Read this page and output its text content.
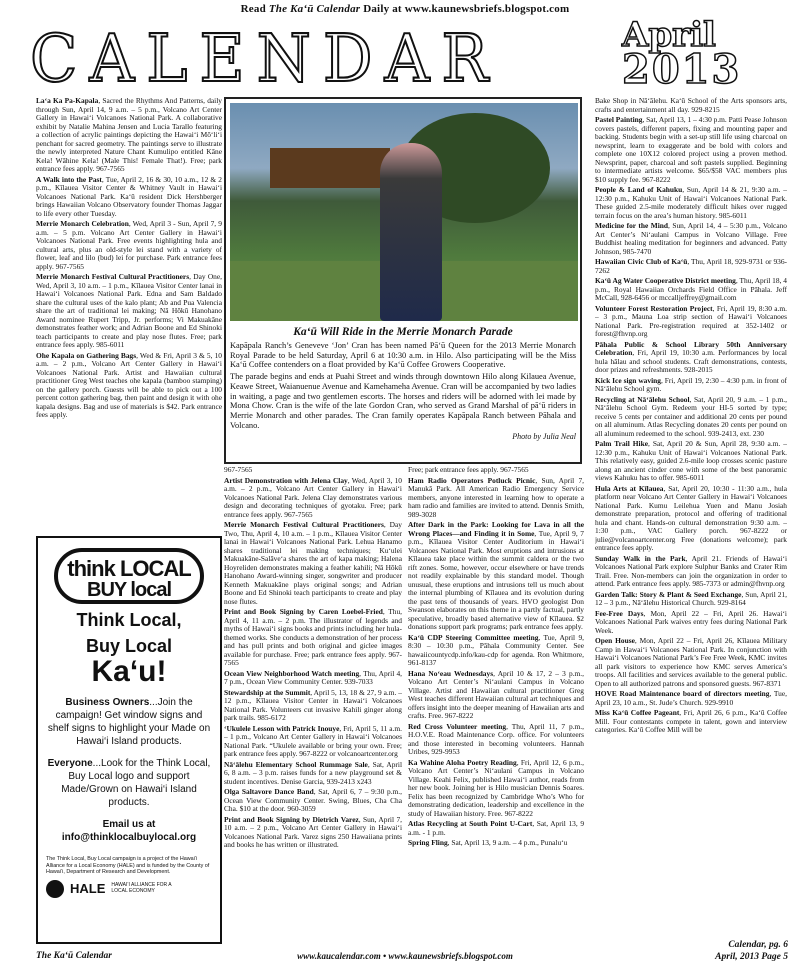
Read The Ka‘ū Calendar Daily at www.kaunewsbriefs.blogspot.com
CALENDAR	April
2013

La‘a Ka Pa-Kapala, Sacred the Rhythms And Patterns, daily through Sun, April 14, 9 a.m. – 5 p.m., Volcano Art Center Gallery in Hawai‘i Volcanoes National Park. A collaborative exhibit by Natalie Mahina Jensen and Lucia Tarallo featuring a collection of acrylic paintings depicting the Hawai‘i Mōʻli‘i penchant for sacred geometry. The paintings serve to illustrate the newly interpreted Nature Chant Kumulipo entitled Kāne Kela! Wāhine Kela! (Male This! Female That!). Free; park entrance fees apply. 967-7565

A Walk into the Past, Tue, April 2, 16 & 30, 10 a.m., 12 & 2 p.m., Kīlauea Visitor Center & Whitney Vault in Hawai‘i Volcanoes National Park. Ka‘ū resident Dick Hershberger brings Hawaiian Volcano Observatory founder Thomas Jaggar to life every other Tuesday.

Merrie Monarch Celebration, Wed, April 3 - Sun, April 7, 9 a.m. – 5 p.m. Volcano Art Center Gallery in Hawai‘i Volcanoes National Park. Free events highlighting hula and cultural arts, plus an old-style lei stand with a variety of flower, leaf and lilo (bud) lei for purchase. Park entrance fees apply. 967-7565

Merrie Monarch Festival Cultural Practitioners, Day One, Wed, April 3, 10 a.m. – 1 p.m., Kīlauea Visitor Center lanai in Hawai‘i Volcanoes National Park. Edna and Sam Baldado share the cultural uses of the kalo plant; Ab and Pua Valencia share the art of traditional lei making; Nā Hōkū Hanohano Award nominee Rupert Tripp, Jr. performs; Vi Makuakāne demonstrates feather work; and Adrian Boone and Ed Shinoki teach participants to create and play nose flutes. Free; park entrance fees apply. 985-6011

Ohe Kapala on Gathering Bags, Wed & Fri, April 3 & 5, 10 a.m. – 2 p.m., Volcano Art Center Gallery in Hawai‘i Volcanoes National Park. Artist and Hawaiian cultural practitioner Greg West teaches ohe kapala (bamboo stamping) on the gallery porch. Guests will be able to pick out a 100 percent cotton gathering bag, then paint and design it with ohe kapala designs. Bag and use of materials is $42. Park entrance fees apply.

Ka‘ū Will Ride in the Merrie Monarch Parade

Kapāpala Ranch’s Geneveve ‘Jon’ Cran has been named Pā‘ū Queen for the 2013 Merrie Monarch Royal Parade to be held Saturday, April 6 at 10:30 a.m. in Hilo. Also participating will be the Miss Ka‘ū Coffee contenders on a float provided by Ka‘ū Coffee Growers Cooperative.

The parade begins and ends at Puahi Street and winds through downtown Hilo along Kilauea Avenue, Keawe Street, Waianuenue Avenue and Kamehameha Avenue. Cran will be accompanied by two ladies in waiting, a page and two gentlemen escorts. The horses and riders will be adorned with lei made by Mona Chow. Cran is the wife of the late Gordon Cran, who served as Grand Marshal of pā‘ū riders in Merrie Monarch and other parades. The Cran family operates Kapāpala Ranch between Pāhala and Volcano.

Photo by Julia Neal
think LOCAL
BUY local
Think Local,
Buy Local
Ka‘u!
Business Owners...Join the campaign! Get window signs and shelf signs to highlight your Made on Hawai‘i Island products.
Everyone...Look for the Think Local, Buy Local logo and support Made/Grown on Hawai‘i Island products.
Email us at
info@thinklocalbuylocal.org
The Think Local, Buy Local campaign is a project of the Hawai‘i Alliance for a Local Economy (HALE) and is funded by the County of Hawai‘i, Department of Research and Development.
HALE HAWAI‘I ALLIANCE FOR A LOCAL ECONOMY

967-7565

Artist Demonstration with Jelena Clay, Wed, April 3, 10 a.m. – 2 p.m., Volcano Art Center Gallery in Hawai‘i Volcanoes National Park. Jelena Clay demonstrates various design and decorating techniques of gyotaku. Free; park entrance fees apply. 967-7565

Merrie Monarch Festival Cultural Practitioners, Day Two, Thu, April 4, 10 a.m. – 1 p.m., Kīlauea Visitor Center lanai in Hawai‘i Volcanoes National Park. Lehua Hanamo shares traditional lei making techniques; Ku‘ulei Makuakāne-Salāve‘a shares the art of kapa making; Halena Hoyreliden demonstrates making a feather kahili; Nā Hōkū Hanohano Award-winning singer, songwriter and producer Kenneth Makuakāne plays original songs; and Adrian Boone and Ed Shinoki teach participants to create and play nose flutes.

Print and Book Signing by Caren Loebel-Fried, Thu, April 4, 11 a.m. – 2 p.m. The illustrator of legends and myths of Hawai‘i signs books and prints including her hula-themed works. She conducts a demonstration of her process and has pull prints and both original and giclee images available for purchase. Free; park entrance fees apply. 967-7565

Ocean View Neighborhood Watch meeting, Thu, April 4, 7 p.m., Ocean View Community Center. 939-7033

Stewardship at the Summit, April 5, 13, 18 & 27, 9 a.m. – 12 p.m., Kīlauea Visitor Center in Hawai‘i Volcanoes National Park. Volunteers cut invasive Kahili ginger along park trails. 985-6172

‘Ukulele Lesson with Patrick Inouye, Fri, April 5, 11 a.m. – 1 p.m., Volcano Art Center Gallery in Hawai‘i Volcanoes National Park. “Ukulele available or bring your own. Free; park entrance fees apply. 967-8222 or volcanoartcenter.org

Nā‘ālehu Elementary School Rummage Sale, Sat, April 6, 8 a.m. – 3 p.m. raises funds for a new playground set & student incentives. Denise Garcia, 939-2413 x243

Olga Saltavore Dance Band, Sat, April 6, 7 – 9:30 p.m., Ocean View Community Center. Swing, Blues, Cha Cha Cha. $10 at the door. 960-3059

Print and Book Signing by Dietrich Varez, Sun, April 7, 10 a.m. – 2 p.m., Volcano Art Center Gallery in Hawai‘i Volcanoes National Park. Varez signs 250 Hawaiiana prints and books he has written or illustrated.

Free; park entrance fees apply. 967-7565

Ham Radio Operators Potluck Picnic, Sun, April 7, Manukā Park. All American Radio Emergency Service members, anyone interested in learning how to operate a ham radio and families are invited to attend. Dennis Smith, 989-3028

After Dark in the Park: Looking for Lava in all the Wrong Places—and Finding it in Some, Tue, April 9, 7 p.m., Kīlauea Visitor Center Auditorium in Hawai‘i Volcanoes National Park. Most eruptions and intrusions at Kīlauea take place within the summit caldera or the two rift zones. Some, however, occur elsewhere or have trends not readily explainable by this standard model. Though unusual, these eruptions and intrusions tell us much about the internal plumbing of Kīlauea and its evolution during the past tens of thousands of years. HVO geologist Don Swanson elaborates on this theme in a partly factual, partly speculative, broadly based alternative view of Kīlauea. $2 donations support park programs; park entrance fees apply.

Ka‘ū CDP Steering Committee meeting, Tue, April 9, 8:30 – 10:30 p.m., Pāhala Community Center. See hawaiicountycdp.info/kau-cdp for agenda. Ron Whitmore, 961-8137

Hana No‘eau Wednesdays, April 10 & 17, 2 – 3 p.m., Volcano Art Center’s Ni‘aulani Campus in Volcano Village. Artist and Hawaiian cultural practitioner Greg West teaches different Hawaiian cultural art techniques and offers insight into the deeper meaning of Hawaiian arts and crafts. Free. 967-8222

Red Cross Volunteer meeting, Thu, April 11, 7 p.m., H.O.V.E. Road Maintenance Corp. office. For volunteers and those interested in becoming volunteers. Hannah Uribes, 929-9953

Ka Wahine Aloha Poetry Reading, Fri, April 12, 6 p.m., Volcano Art Center’s Ni‘aulani Campus in Volcano Village. Keahi Felix, published Hawai‘i author, reads from her new book. Joining her is Hilo musician Dennis Soares. Felix has been recognized by Cambridge Who’s Who for demonstrating dedication, leadership and excellence in the study of Hawaiian history. Free. 967-8222

Atlas Recycling at South Point U-Cart, Sat, April 13, 9 a.m. - 1 p.m.

Spring Fling, Sat, April 13, 9 a.m. – 4 p.m., Punalu‘u

Bake Shop in Nā‘ālehu. Ka‘ū School of the Arts sponsors arts, crafts and entertainment all day. 929-8215

Pastel Painting, Sat, April 13, 1 – 4:30 p.m. Patti Pease Johnson covers pastels, different papers, fixing and mounting paper and backing. Students begin with a set-up still life using charcoal on newsprint, learn to exaggerate and be bold with colors and complete one 10X12 colored project using a proven method. Newsprint, paper, charcoal and soft pastels supplied. Beginning to intermediate artists welcome. $65/$58 VAC members plus $10 supply fee. 967-8222

People & Land of Kahuku, Sun, April 14 & 21, 9:30 a.m. – 12:30 p.m., Kahuku Unit of Hawai‘i Volcanoes National Park. These guided 2.5-mile moderately difficult hikes over rugged terrain focus on the area’s human history. 985-6011

Medicine for the Mind, Sun, April 14, 4 – 5:30 p.m., Volcano Art Center’s Ni‘aulani Campus in Volcano Village. Free Buddhist healing meditation for beginners and advanced. Patty Johnson, 985-7470

Hawaiian Civic Club of Ka‘ū, Thu, April 18, 929-9731 or 936-7262

Ka‘ū Ag Water Cooperative District meeting, Thu, April 18, 4 p.m., Royal Hawaiian Orchards Field Office in Pāhala. Jeff McCall, 928-6456 or mccalljeffrey@gmail.com

Volunteer Forest Restoration Project, Fri, April 19, 8:30 a.m. – 3 p.m., Mauna Loa strip section of Hawai‘i Volcanoes National Park. Pre-registration required at 352-1402 or forest@fhvnp.org

Pāhala Public & School Library 50th Anniversary Celebration, Fri, April 19, 10:30 a.m. Performances by local hula hālau and school students. Craft demonstrations, contests, door prizes and refreshments. 928-2015

Kick Ice sign waving, Fri, April 19, 2:30 – 4:30 p.m. in front of Nā‘ālehu School gym.

Recycling at Nā‘ālehu School, Sat, April 20, 9 a.m. – 1 p.m., Nā‘ālehu School Gym. Redeem your HI-5 sorted by type; receive 5 cents per container and additional 20 cents per pound on all aluminum. Atlas Recycling donates 20 cents per pound on all aluminum redeemed to the school. 939-2413, ext. 230

Palm Trail Hike, Sat, April 20 & Sun, April 28, 9:30 a.m. – 12:30 p.m., Kahuku Unit of Hawai‘i Volcanoes National Park. This relatively easy, guided 2.6-mile loop crosses scenic pasture along an ancient cinder cone with some of the best panoramic views Kahuku has to offer. 985-6011

Hula Arts at Kīlauea, Sat, April 20, 10:30 - 11:30 a.m., hula platform near Volcano Art Center Gallery in Hawai‘i Volcanoes National Park. Kumu Leilehua Yuen and Manu Josiah demonstrate preparation, protocol and offering of traditional hula and chant. Hands-on cultural demonstration 9:30 a.m. – 1:30 p.m., VAC Gallery porch. 967-8222 or julie@volcanoartcenter.org Free (donations welcome); park entrance fees apply.

Sunday Walk in the Park, April 21. Friends of Hawai‘i Volcanoes National Park explore Sulphur Banks and Crater Rim Trail. Free. Non-members can join the organization in order to attend. Park entrance fees apply. 985-7373 or admin@fhvnp.org

Garden Talk: Story & Plant & Seed Exchange, Sun, April 21, 12 – 3 p.m., Nā‘ālehu Historical Church. 929-8164

Fee-Free Days, Mon, April 22 – Fri, April 26. Hawai‘i Volcanoes National Park waives entry fees during National Park Week.

Open House, Mon, April 22 – Fri, April 26, Kīlauea Military Camp in Hawai‘i Volcanoes National Park. In conjunction with Hawai‘i Volcanoes National Park’s Fee Free Week, KMC invites all park visitors to experience how KMC serves America’s troops. All facilities and services available to the general public. Open to all authorized patrons and sponsored guests. 967-8371

HOVE Road Maintenance board of directors meeting, Tue, April 23, 10 a.m., St. Jude’s Church. 929-9910

Miss Ka‘ū Coffee Pageant, Fri, April 26, 6 p.m., Ka‘ū Coffee Mill. Four contestants compete in talent, gown and interview categories. Ka‘ū Coffee Mill will be

The Ka‘ū Calendar	www.kaucalendar.com • www.kaunewsbriefs.blogspot.com
Calendar, pg. 6
April, 2013 Page 5
